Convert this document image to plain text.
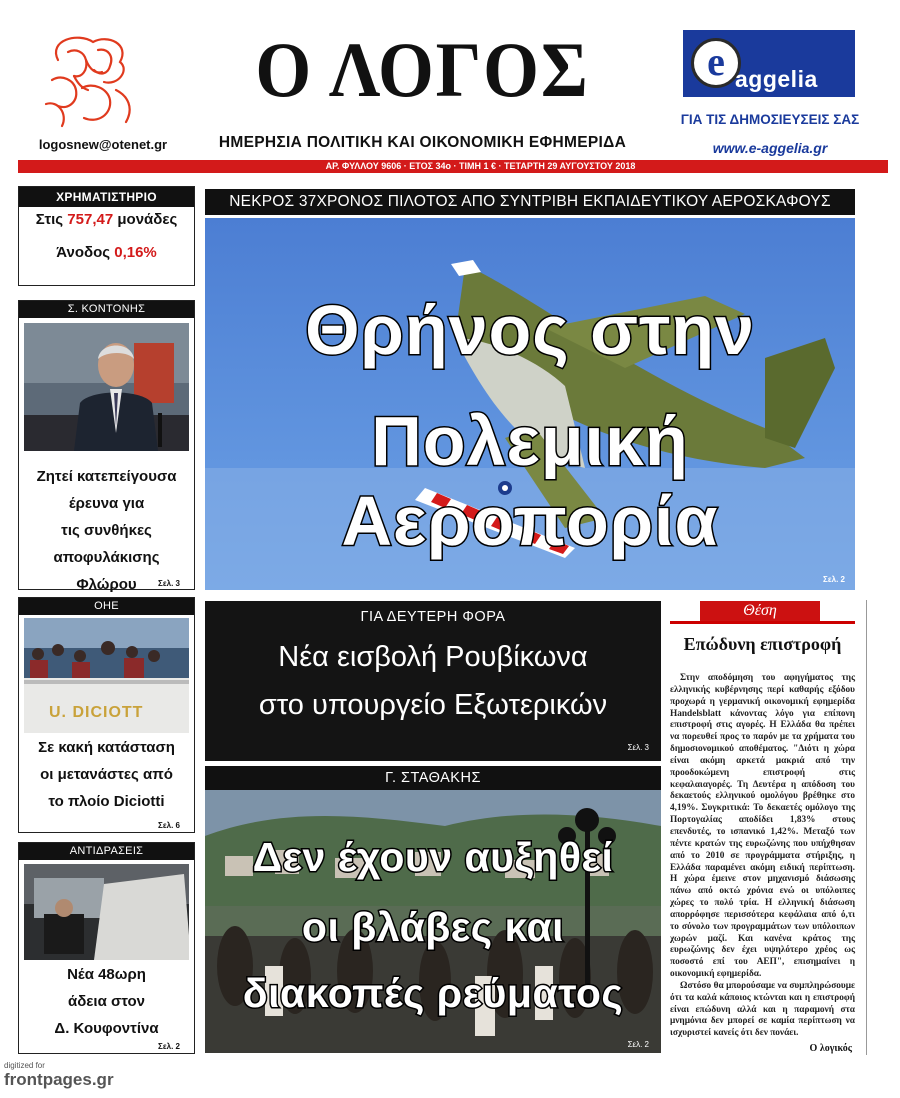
logosnew@otenet.gr
Ο ΛΟΓΟΣ
ΗΜΕΡΗΣΙΑ ΠΟΛΙΤΙΚΗ ΚΑΙ ΟΙΚΟΝΟΜΙΚΗ ΕΦΗΜΕΡΙΔΑ
e aggelia
ΓΙΑ ΤΙΣ ΔΗΜΟΣΙΕΥΣΕΙΣ ΣΑΣ
www.e-aggelia.gr
ΑΡ. ΦΥΛΛΟΥ 9606 · ΕΤΟΣ 34ο · ΤΙΜΗ 1 € · ΤΕΤΑΡΤΗ 29 ΑΥΓΟΥΣΤΟΥ 2018
ΧΡΗΜΑΤΙΣΤΗΡΙΟ
Στις 757,47 μονάδες
Άνοδος 0,16%
Σ. ΚΟΝΤΟΝΗΣ
Ζητεί κατεπείγουσα
έρευνα για
τις συνθήκες
αποφυλάκισης Φλώρου	Σελ. 3
ΟΗΕ
U. DICIOTT
Σε κακή κατάσταση
οι μετανάστες από
το πλοίο Diciotti
Σελ. 6
ΑΝΤΙΔΡΑΣΕΙΣ
Νέα 48ωρη
άδεια στον
Δ. Κουφοντίνα
Σελ. 2
ΝΕΚΡΟΣ 37ΧΡΟΝΟΣ ΠΙΛΟΤΟΣ ΑΠΟ ΣΥΝΤΡΙΒΗ ΕΚΠΑΙΔΕΥΤΙΚΟΥ ΑΕΡΟΣΚΑΦΟΥΣ
Θρήνος στην
Πολεμική Αεροπορία
Σελ. 2
ΓΙΑ ΔΕΥΤΕΡΗ ΦΟΡΑ
Νέα εισβολή Ρουβίκωνα
στο υπουργείο Εξωτερικών
Σελ. 3
Γ. ΣΤΑΘΑΚΗΣ
Δεν έχουν αυξηθεί
οι βλάβες και
διακοπές ρεύματος
Σελ. 2
Θέση
Επώδυνη επιστροφή

Στην αποδόμηση του αφηγήματος της ελληνικής κυβέρνησης περί καθαρής εξόδου προχωρά η γερμανική οικονομική εφημερίδα Handelsblatt κάνοντας λόγο για επίπονη επιστροφή στις αγορές. Η Ελλάδα θα πρέπει να πορευθεί προς το παρόν με τα χρήματα του δημοσιονομικού αποθέματος. "Διότι η χώρα είναι ακόμη αρκετά μακριά από την προοδοκώμενη επιστροφή στις κεφαλαιαγορές. Τη Δευτέρα η απόδοση του δεκαετούς ελληνικού ομολόγου βρέθηκε στο 4,19%. Συγκριτικά: Το δεκαετές ομόλογο της Πορτογαλίας αποδίδει 1,83% στους επενδυτές, το ισπανικό 1,42%. Μεταξύ των πέντε κρατών της ευρωζώνης που υπήχθησαν από το 2010 σε προγράμματα στήριξης, η Ελλάδα παραμένει ακόμη ειδική περίπτωση. Η χώρα έμεινε στον μηχανισμό διάσωσης πάνω από οκτώ χρόνια ενώ οι υπόλοιπες χώρες το πολύ τρία. Η ελληνική διάσωση απορρόφησε περισσότερα κεφάλαια από ό,τι το σύνολο των προγραμμάτων των υπόλοιπων χωρών μαζί. Και κανένα κράτος της ευρωζώνης δεν έχει υψηλότερο χρέος ως ποσοστό επί του ΑΕΠ", επισημαίνει η οικονομική εφημερίδα.

Ωστόσο θα μπορούσαμε να συμπληρώσουμε ότι τα καλά κάποιος κτώνται και η επιστροφή είναι επώδυνη αλλά και η παραμονή στα μνημόνια δεν μπορεί σε καμία περίπτωση να ισχυριστεί κανείς ότι δεν πονάει.

Ο λογικός
digitized for
frontpages.gr
